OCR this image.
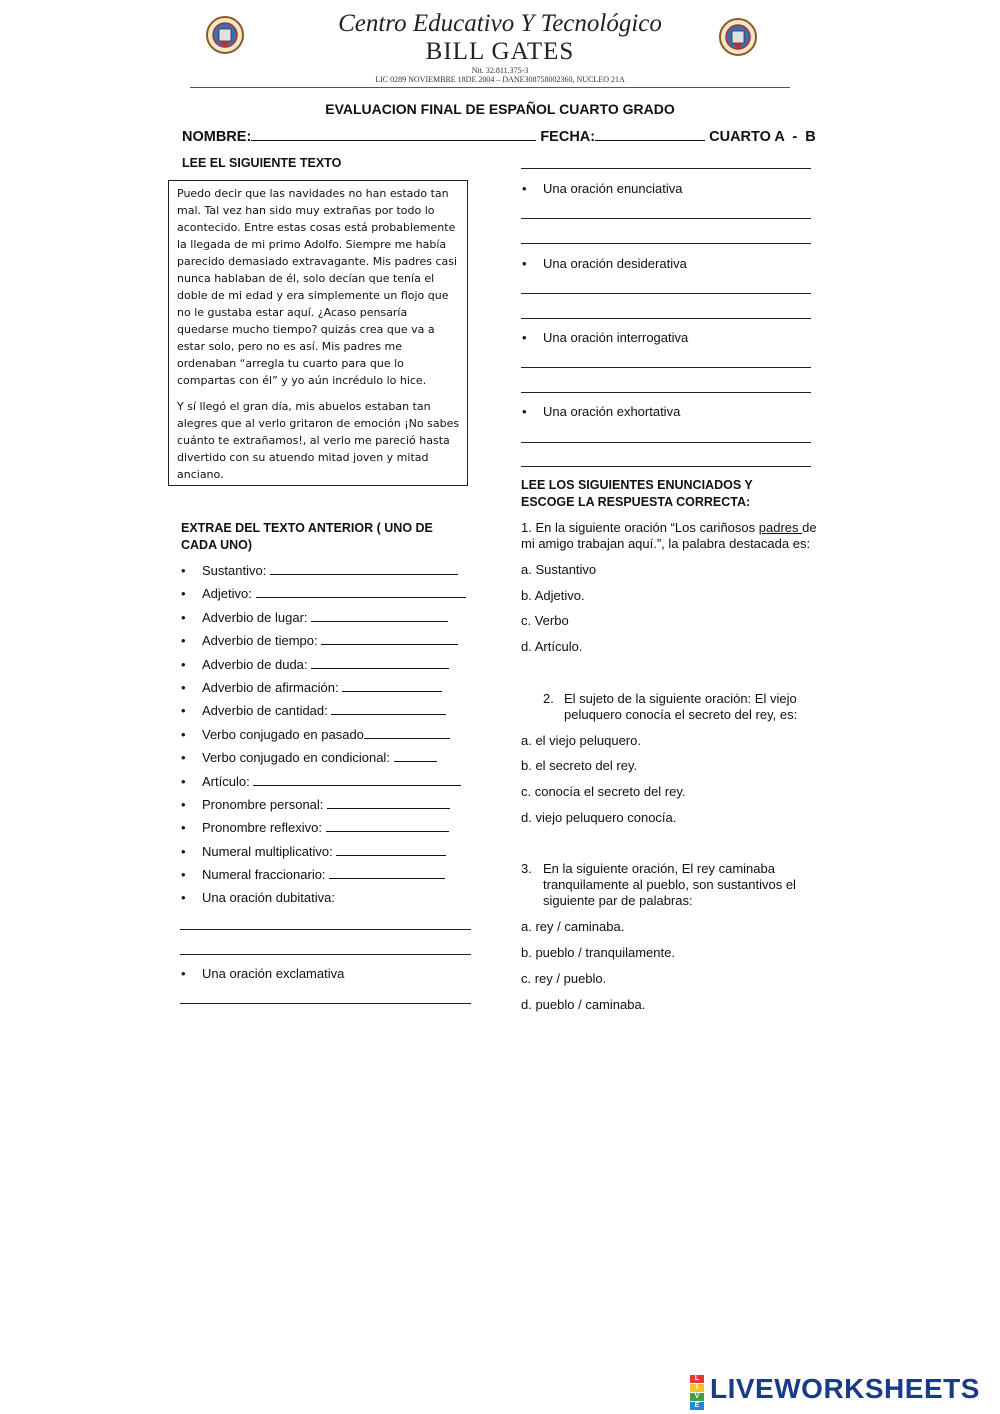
Centro Educativo Y Tecnológico
BILL GATES
Nit. 32.811.375-3
LIC 0289 NOVIEMBRE 18DE 2004 – DANE308758002360, NUCLEO 21A
EVALUACION FINAL DE ESPAÑOL CUARTO GRADO
NOMBRE:	FECHA:	CUARTO A  -  B
LEE EL SIGUIENTE TEXTO

Puedo decir que las navidades no han estado tan mal. Tal vez han sido muy extrañas por todo lo acontecido. Entre estas cosas está probablemente la llegada de mi primo Adolfo. Siempre me había parecido demasiado extravagante. Mis padres casi nunca hablaban de él, solo decían que tenía el doble de mi edad y era simplemente un flojo que no le gustaba estar aquí. ¿Acaso pensaría quedarse mucho tiempo? quizás crea que va a estar solo, pero no es así. Mis padres me ordenaban “arregla tu cuarto para que lo compartas con él” y yo aún incrédulo lo hice.

Y sí llegó el gran día, mis abuelos estaban tan alegres que al verlo gritaron de emoción ¡No sabes cuánto te extrañamos!, al verlo me pareció hasta divertido con su atuendo mitad joven y mitad anciano.

EXTRAE DEL TEXTO ANTERIOR ( UNO DE CADA UNO)
• Sustantivo:
• Adjetivo:
• Adverbio de lugar:
• Adverbio de tiempo:
• Adverbio de duda:
• Adverbio de afirmación:
• Adverbio de cantidad:
• Verbo conjugado en pasado
• Verbo conjugado en condicional:
• Artículo:
• Pronombre personal:
• Pronombre reflexivo:
• Numeral multiplicativo:
• Numeral fraccionario:
• Una oración dubitativa:
• Una oración exclamativa
• Una oración enunciativa
• Una oración desiderativa
• Una oración interrogativa
• Una oración exhortativa
LEE LOS SIGUIENTES ENUNCIADOS Y ESCOGE LA RESPUESTA CORRECTA:
1. En la siguiente oración “Los cariñosos padres de mi amigo trabajan aquí.”, la palabra destacada es:
a. Sustantivo
b. Adjetivo.
c. Verbo
d. Artículo.
2. El sujeto de la siguiente oración: El viejo peluquero conocía el secreto del rey, es:
a. el viejo peluquero.
b. el secreto del rey.
c. conocía el secreto del rey.
d. viejo peluquero conocía.
3. En la siguiente oración, El rey caminaba tranquilamente al pueblo, son sustantivos el siguiente par de palabras:
a. rey / caminaba.
b. pueblo / tranquilamente.
c. rey / pueblo.
d. pueblo / caminaba.
L
I
V
E
LIVEWORKSHEETS
